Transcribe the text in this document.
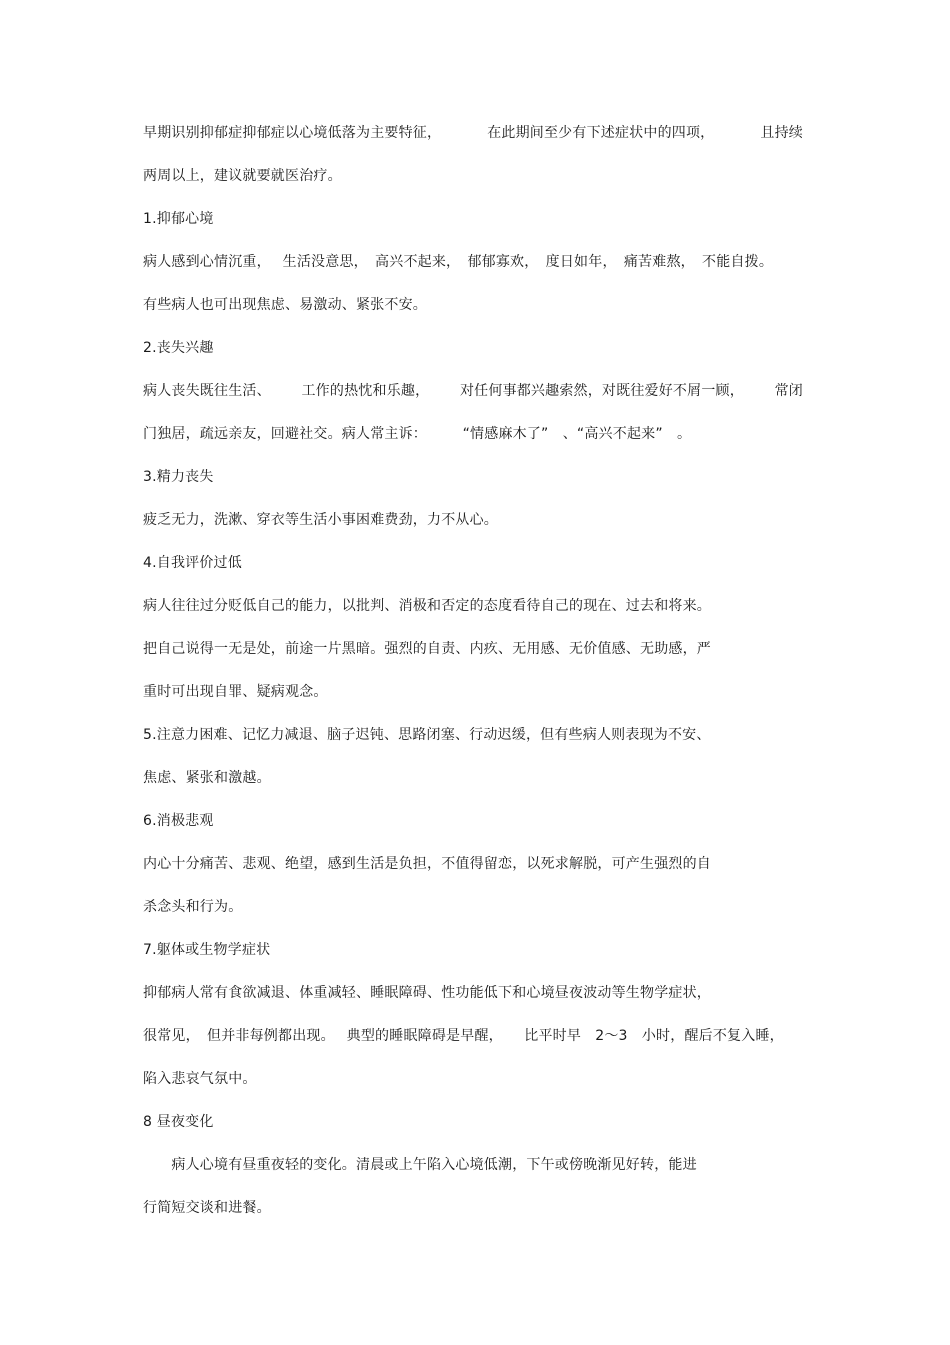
早期识别抑郁症抑郁症以心境低落为主要特征，	在此期间至少有下述症状中的四项，	且持续
两周以上，建议就要就医治疗。
1.抑郁心境
病人感到心情沉重，　 生活没意思，　高兴不起来，　郁郁寡欢，　度日如年，　痛苦难熬，　不能自拨。
有些病人也可出现焦虑、易激动、紧张不安。
2.丧失兴趣
病人丧失既往生活、 工作的热忱和乐趣， 对任何事都兴趣索然，对既往爱好不屑一顾， 常闭
门独居，疏远亲友，回避社交。病人常主诉：　　　“情感麻木了”　、“高兴不起来”　。
3.精力丧失
疲乏无力，洗漱、穿衣等生活小事困难费劲，力不从心。
4.自我评价过低
病人往往过分贬低自己的能力，以批判、消极和否定的态度看待自己的现在、过去和将来。
把自己说得一无是处，前途一片黑暗。强烈的自责、内疚、无用感、无价值感、无助感，严
重时可出现自罪、疑病观念。
5.注意力困难、记忆力减退、脑子迟钝、思路闭塞、行动迟缓，但有些病人则表现为不安、
焦虑、紧张和激越。
6.消极悲观
内心十分痛苦、悲观、绝望，感到生活是负担，不值得留恋，以死求解脱，可产生强烈的自
杀念头和行为。
7.躯体或生物学症状
抑郁病人常有食欲减退、体重减轻、睡眠障碍、性功能低下和心境昼夜波动等生物学症状，
很常见，　但并非每例都出现。　 典型的睡眠障碍是早醒，　　比平时早　2～3　小时，醒后不复入睡，
陷入悲哀气氛中。
8 昼夜变化
　　病人心境有昼重夜轻的变化。清晨或上午陷入心境低潮，下午或傍晚渐见好转，能进
行简短交谈和进餐。
